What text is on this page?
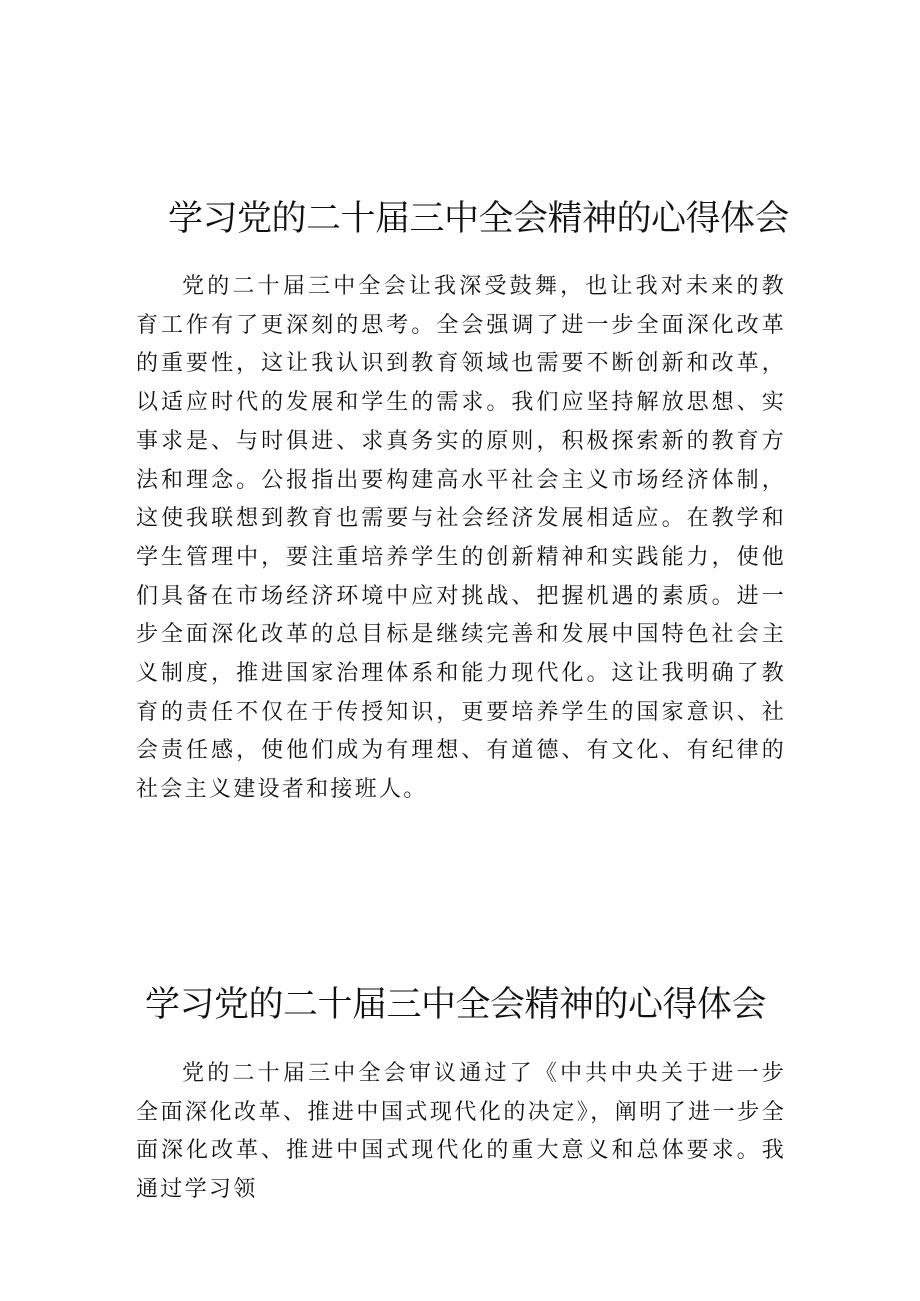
学习党的二十届三中全会精神的心得体会

党的二十届三中全会让我深受鼓舞，也让我对未来的教育工作有了更深刻的思考。全会强调了进一步全面深化改革的重要性，这让我认识到教育领域也需要不断创新和改革，以适应时代的发展和学生的需求。我们应坚持解放思想、实事求是、与时俱进、求真务实的原则，积极探索新的教育方法和理念。公报指出要构建高水平社会主义市场经济体制，这使我联想到教育也需要与社会经济发展相适应。在教学和学生管理中，要注重培养学生的创新精神和实践能力，使他们具备在市场经济环境中应对挑战、把握机遇的素质。进一步全面深化改革的总目标是继续完善和发展中国特色社会主义制度，推进国家治理体系和能力现代化。这让我明确了教育的责任不仅在于传授知识，更要培养学生的国家意识、社会责任感，使他们成为有理想、有道德、有文化、有纪律的社会主义建设者和接班人。

学习党的二十届三中全会精神的心得体会

党的二十届三中全会审议通过了《中共中央关于进一步全面深化改革、推进中国式现代化的决定》，阐明了进一步全面深化改革、推进中国式现代化的重大意义和总体要求。我通过学习领
